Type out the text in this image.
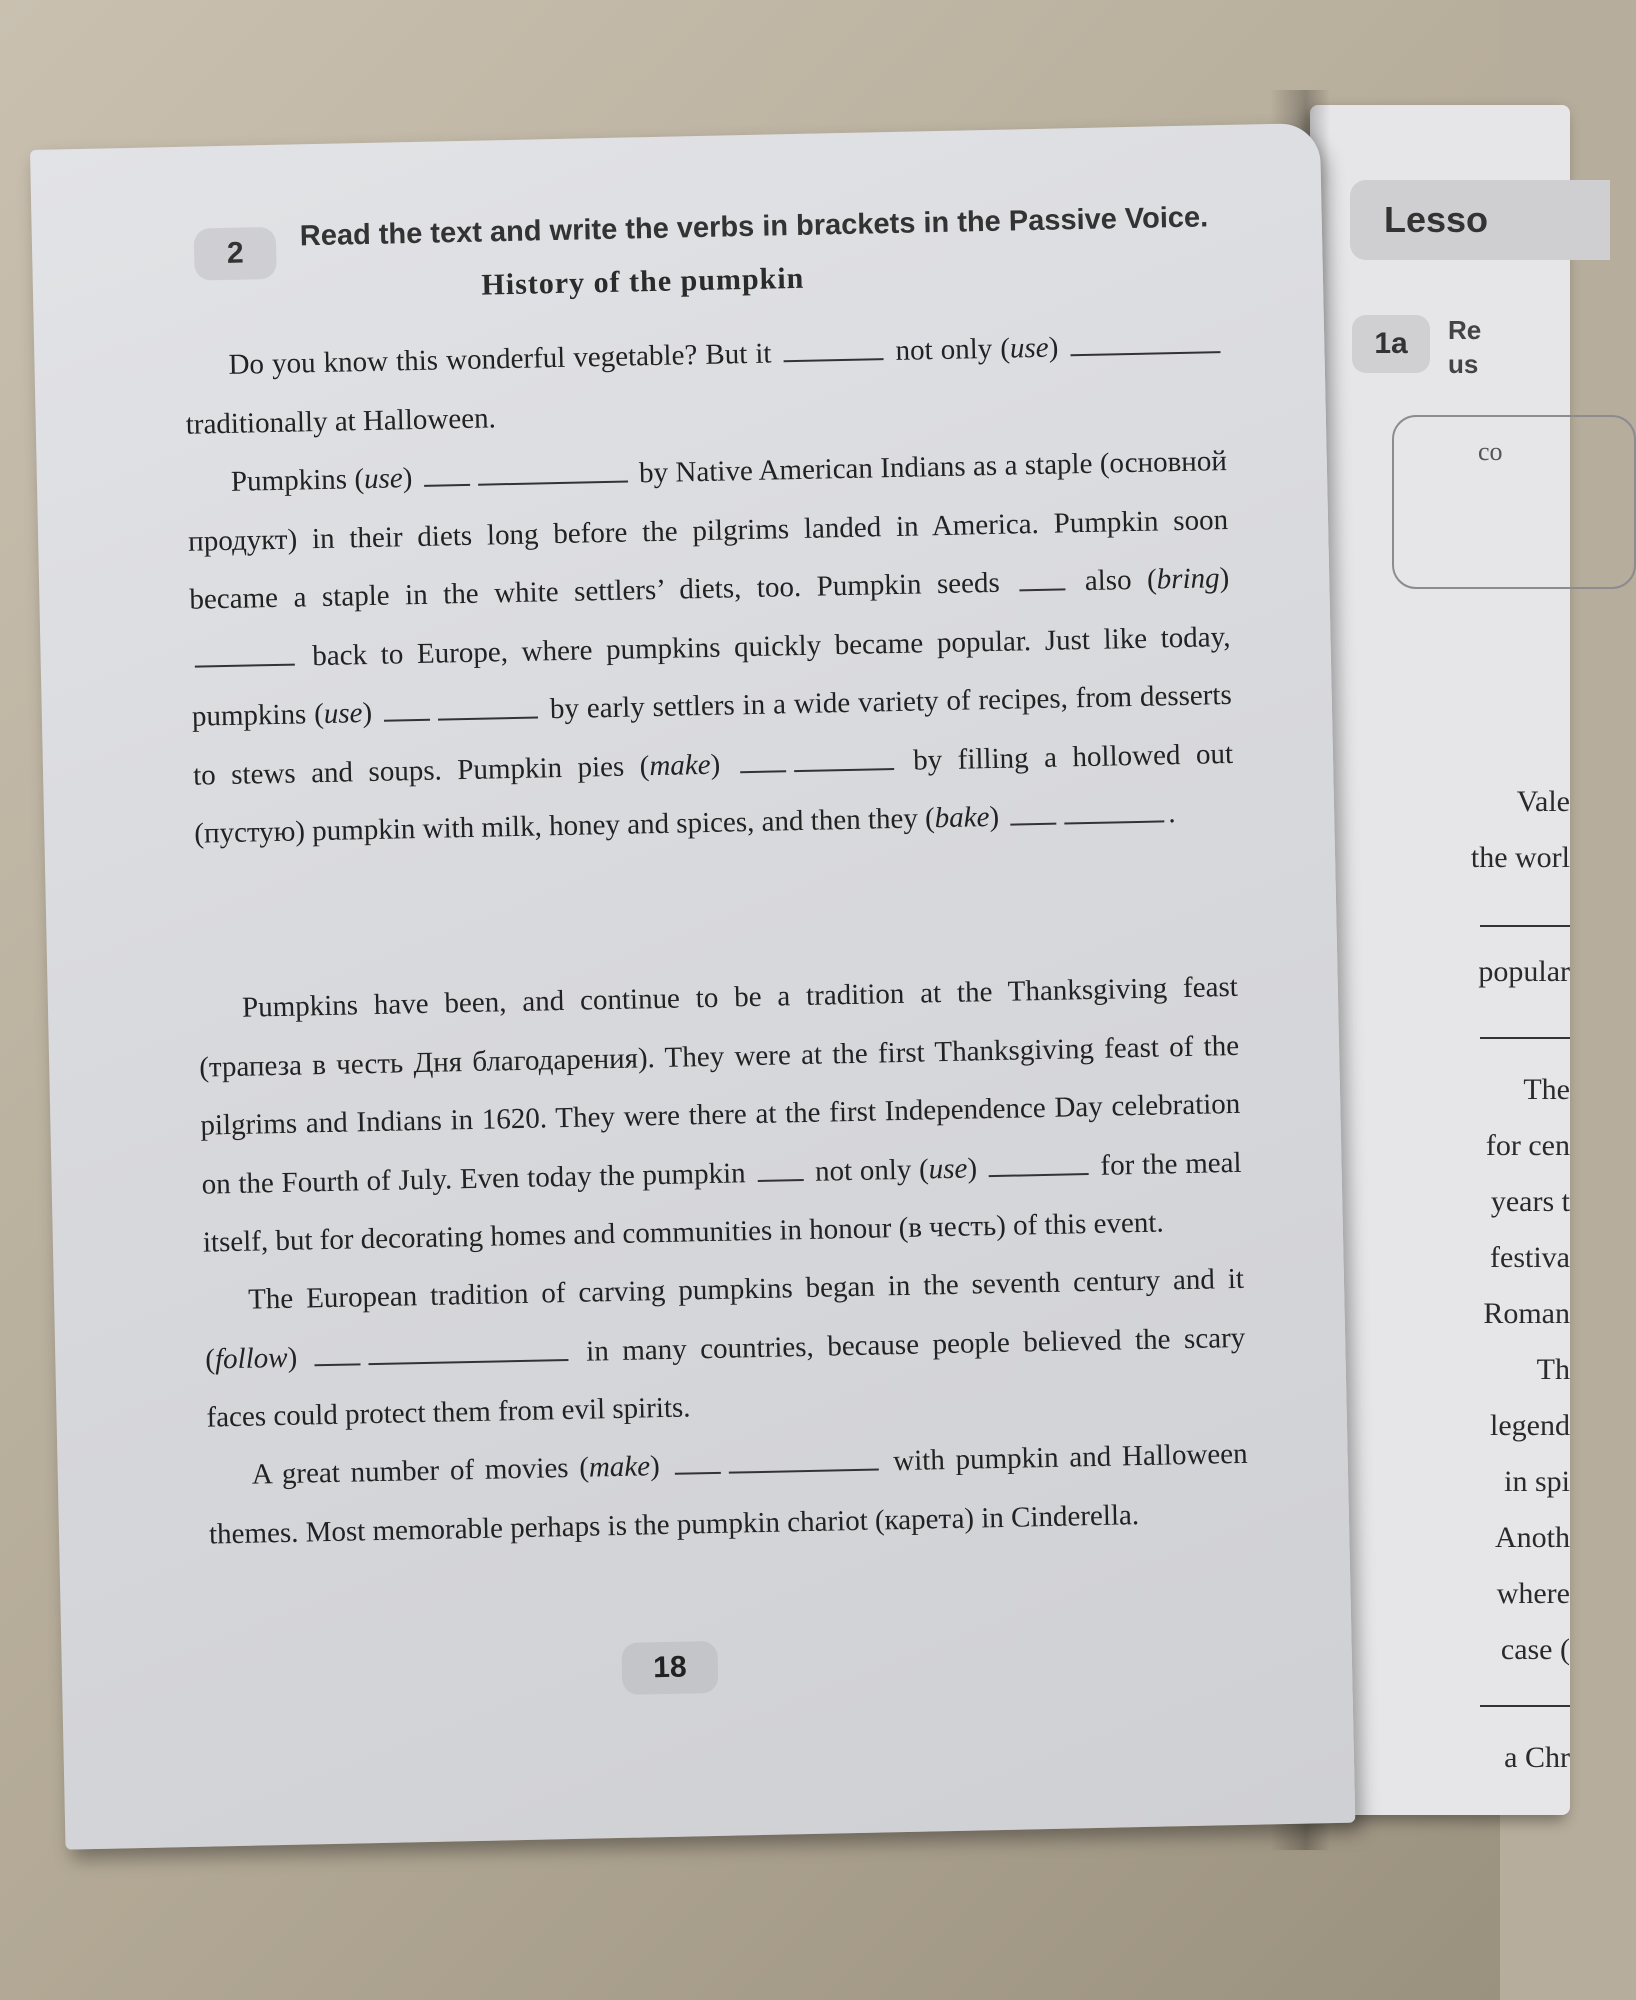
Lesso
1a	Re
us
co
Vale
the worl
popular
The
for cen
years t
festiva
Roman
Th
legend
in spi
Anoth
where
case (
a Chr
2
Read the text and write the verbs in brackets in the Passive Voice.
History of the pumpkin
Do you know this wonderful vegetable? But it	not only (use)  traditionally at Halloween.
Pumpkins (use)	by Native American Indians as a staple (основной продукт) in their diets long before the pilgrims landed in America. Pumpkin soon became a staple in the white settlers’ diets, too. Pumpkin seeds	also (bring)  back to Europe, where pumpkins quickly became popular. Just like today, pumpkins (use)	by early settlers in a wide variety of recipes, from desserts to stews and soups. Pumpkin pies (make)	by filling a hollowed out (пустую) pumpkin with milk, honey and spices, and then they (bake)	.
Pumpkins have been, and continue to be a tradition at the Thanksgiving feast (трапеза в честь Дня благодарения). They were at the first Thanksgiving feast of the pilgrims and Indians in 1620. They were there at the first Independence Day celebration on the Fourth of July. Even today the pumpkin not only (use)	for the meal itself, but for decorating homes and communities in honour (в честь) of this event.
The European tradition of carving pumpkins began in the seventh century and it (follow)	in many countries, because people believed the scary faces could protect them from evil spirits.
A great number of movies (make)	with pumpkin and Halloween themes. Most memorable perhaps is the pumpkin chariot (карета) in Cinderella.
18
